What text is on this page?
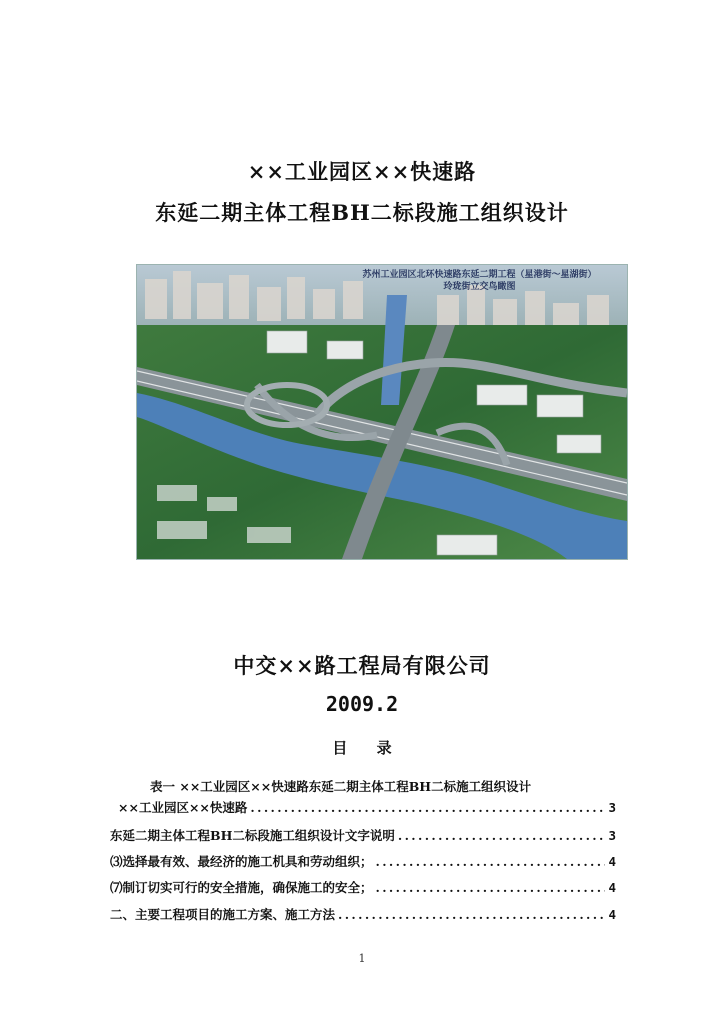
××工业园区××快速路
东延二期主体工程BH二标段施工组织设计
苏州工业园区北环快速路东延二期工程（星港街～星湖街）
玲珑街立交鸟瞰图
中交××路工程局有限公司
2009.2
目 录
表一 ××工业园区××快速路东延二期主体工程BH二标施工组织设计
××工业园区××快速路 . . .	3
东延二期主体工程BH二标段施工组织设计文字说明 . . .	3
⑶选择最有效、最经济的施工机具和劳动组织； . . .	4
⑺制订切实可行的安全措施，确保施工的安全； . . .	4
二、主要工程项目的施工方案、施工方法 . . .	4
1
